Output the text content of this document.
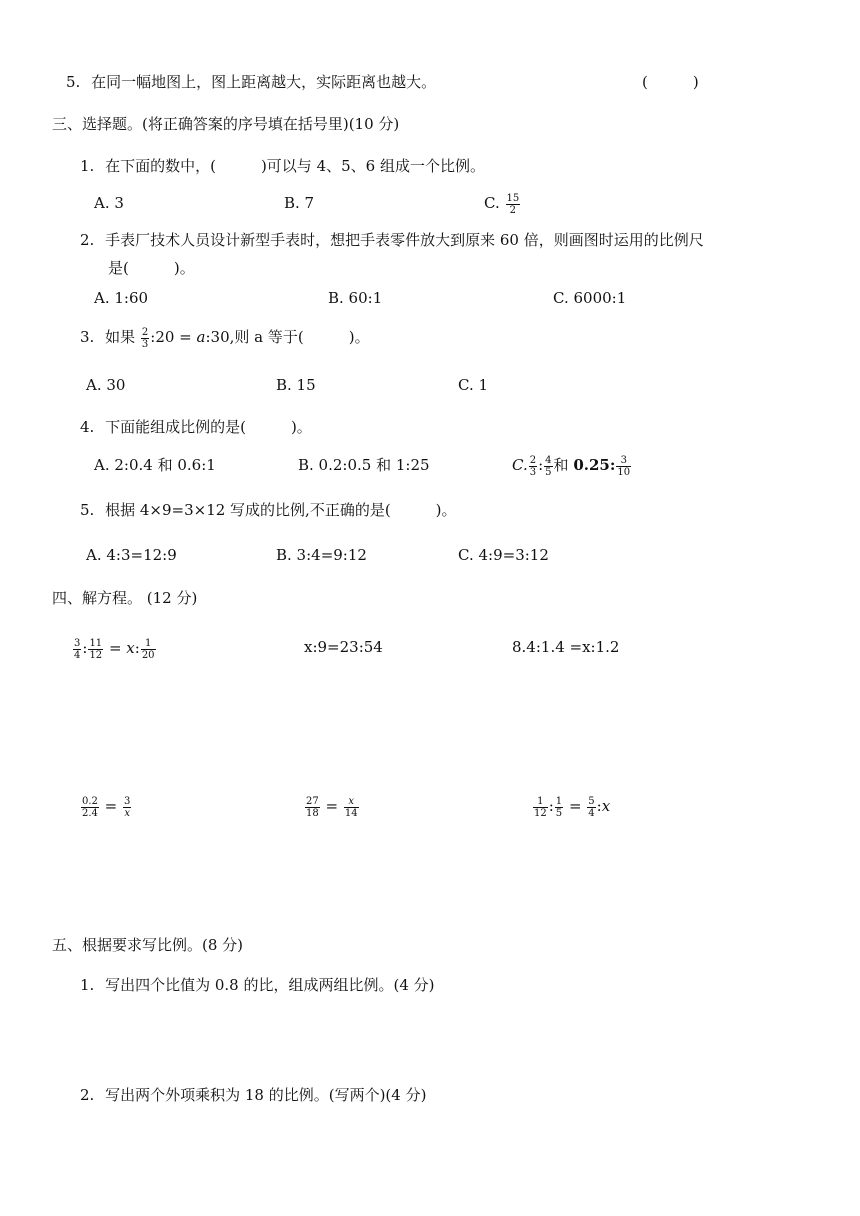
5. 在同一幅地图上，图上距离越大，实际距离也越大。	(　　　)
三、选择题。(将正确答案的序号填在括号里)(10 分)
1. 在下面的数中，(　　　)可以与 4、5、6 组成一个比例。
A. 3	B. 7	C. $\frac{15}{2}$
2. 手表厂技术人员设计新型手表时，想把手表零件放大到原来 60 倍，则画图时运用的比例尺
是(　　　)。
A. 1:60	B. 60:1	C. 6000:1
3. 如果 $\frac{2}{3}$ :20 = a:30,则 a 等于(　　　)。
A. 30	B. 15	C. 1
4. 下面能组成比例的是(　　　)。
A. 2:0.4 和 0.6:1	B. 0.2:0.5 和 1:25	C. $\frac{2}{3}$ : $\frac{4}{5}$ 和 0.25: $\frac{3}{10}$
5. 根据 4×9=3×12 写成的比例,不正确的是(　　　)。
A. 4:3=12:9	B. 3:4=9:12	C. 4:9=3:12
四、解方程。 (12 分)
$\frac{3}{4}$ : $\frac{11}{12} = x$: $\frac{1}{20}$	x:9=23:54	8.4:1.4 =x:1.2
$\frac{0.2}{2.4} = \frac{3}{x}$	$\frac{27}{18} = \frac{x}{14}$	$\frac{1}{12}$ : $\frac{1}{5} = \frac{5}{4}$ :x
五、根据要求写比例。(8 分)
1. 写出四个比值为 0.8 的比，组成两组比例。(4 分)
2. 写出两个外项乘积为 18 的比例。(写两个)(4 分)
